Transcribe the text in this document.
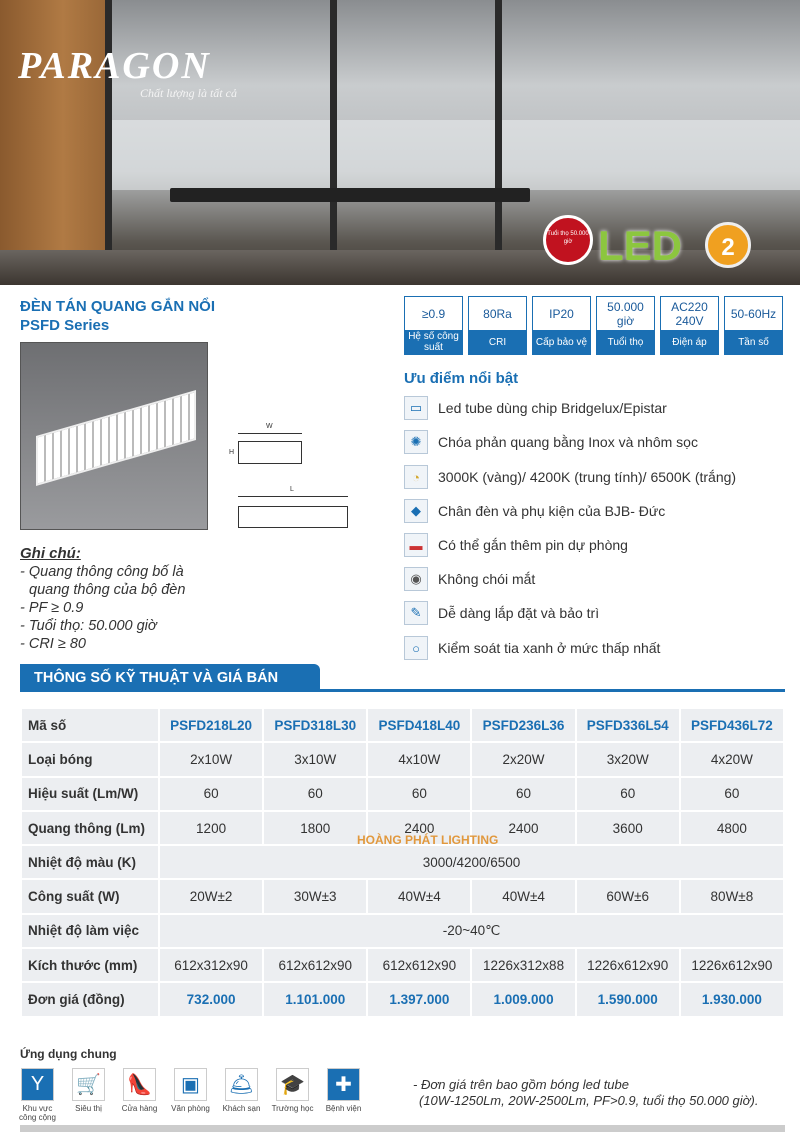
PARAGON
Chất lượng là tất cả
Tuổi thọ 50.000 giờ LED	2
ĐÈN TÁN QUANG GẮN NỔI
PSFD Series
W
H
L
≥0.9
Hệ số công suất
80Ra
CRI
IP20
Cấp bảo vệ
50.000 giờ
Tuổi thọ
AC220 240V
Điện áp
50-60Hz
Tần số
Ưu điểm nổi bật
▭	Led tube dùng chip Bridgelux/Epistar
✺	Chóa phản quang bằng Inox và nhôm sọc
◔	3000K (vàng)/ 4200K (trung tính)/ 6500K (trắng)
◆	Chân đèn và phụ kiện của BJB- Đức
▬	Có thể gắn thêm pin dự phòng
◉	Không chói mắt
✎	Dễ dàng lắp đặt và bảo trì
○	Kiểm soát tia xanh ở mức thấp nhất
Ghi chú:
- Quang thông công bố là
quang thông của bộ đèn
- PF ≥ 0.9
- Tuổi thọ: 50.000 giờ
- CRI ≥ 80
THÔNG SỐ KỸ THUẬT VÀ GIÁ BÁN
Mã số	PSFD218L20	PSFD318L30	PSFD418L40	PSFD236L36	PSFD336L54	PSFD436L72
Loại bóng	2x10W	3x10W	4x10W	2x20W	3x20W	4x20W
Hiệu suất (Lm/W)	60	60	60	60	60	60
Quang thông (Lm)	1200	1800	2400	2400	3600	4800
Nhiệt độ màu (K)	3000/4200/6500					
Công suất (W)	20W±2	30W±3	40W±4	40W±4	60W±6	80W±8
Nhiệt độ làm việc	-20~40℃					
Kích thước (mm)	612x312x90	612x612x90	612x612x90	1226x312x88	1226x612x90	1226x612x90
Đơn giá (đồng)	732.000	1.101.000	1.397.000	1.009.000	1.590.000	1.930.000
HOÀNG PHÁT LIGHTING
Ứng dụng chung
Y
Khu vực công cộng
🛒
Siêu thị
👠
Cửa hàng
▣
Văn phòng
🛎
Khách sạn
🎓
Trường học
✚
Bệnh viện
- Đơn giá trên bao gồm bóng led tube
(10W-1250Lm, 20W-2500Lm, PF>0.9, tuổi thọ 50.000 giờ).
